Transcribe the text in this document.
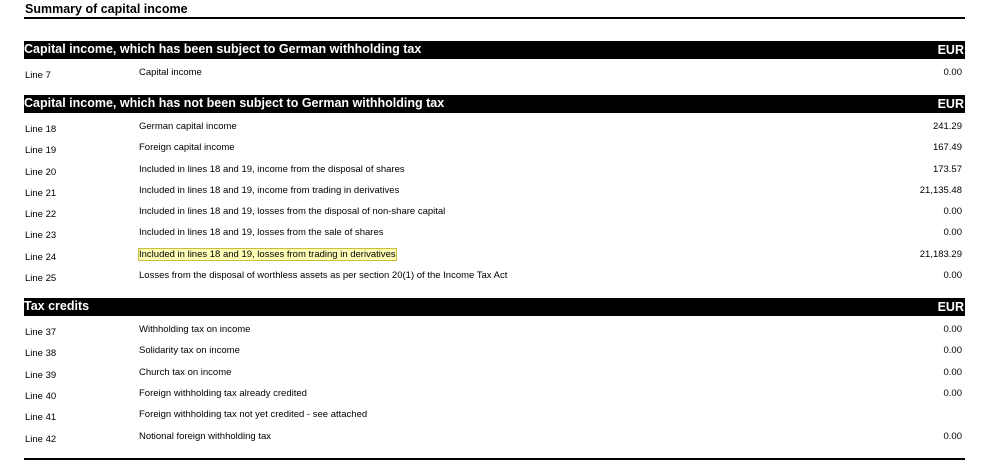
Summary of capital income
Capital income, which has been subject to German withholding tax	EUR
Line 7	Capital income	0.00
Capital income, which has not been subject to German withholding tax	EUR
Line 18	German capital income	241.29
Line 19	Foreign capital income	167.49
Line 20	Included in lines 18 and 19, income from the disposal of shares	173.57
Line 21	Included in lines 18 and 19, income from trading in derivatives	21,135.48
Line 22	Included in lines 18 and 19, losses from the disposal of non-share capital	0.00
Line 23	Included in lines 18 and 19, losses from the sale of shares	0.00
Line 24	Included in lines 18 and 19, losses from trading in derivatives	21,183.29
Line 25	Losses from the disposal of worthless assets as per section 20(1) of the Income Tax Act	0.00
Tax credits	EUR
Line 37	Withholding tax on income	0.00
Line 38	Solidarity tax on income	0.00
Line 39	Church tax on income	0.00
Line 40	Foreign withholding tax already credited	0.00
Line 41	Foreign withholding tax not yet credited - see attached
Line 42	Notional foreign withholding tax	0.00
